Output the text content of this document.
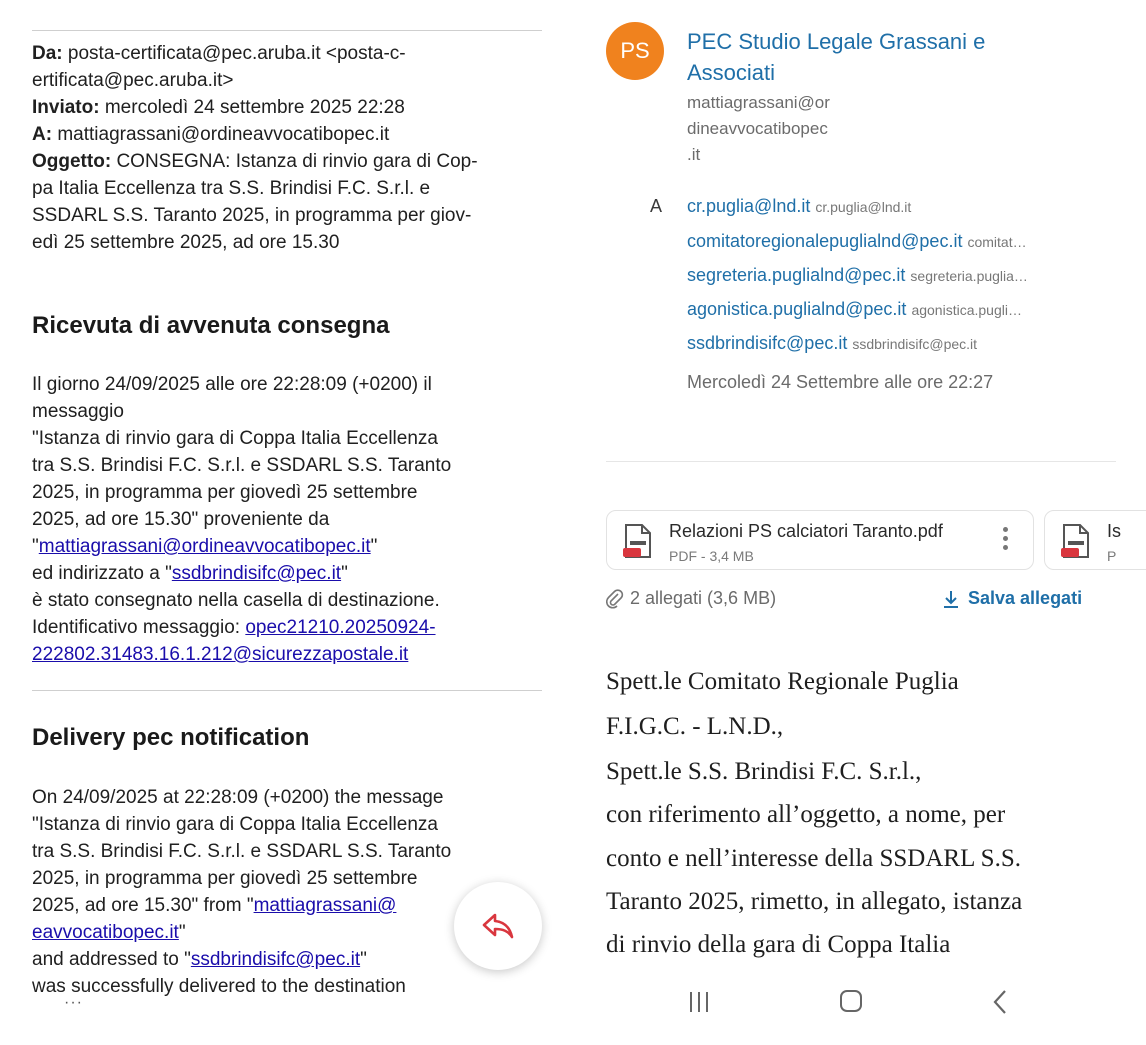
Da: posta-certificata@pec.aruba.it <posta-c-
ertificata@pec.aruba.it>
Inviato: mercoledì 24 settembre 2025 22:28
A: mattiagrassani@ordineavvocatibopec.it
Oggetto: CONSEGNA: Istanza di rinvio gara di Cop-
pa Italia Eccellenza tra S.S. Brindisi F.C. S.r.l. e
SSDARL S.S. Taranto 2025, in programma per giov-
edì 25 settembre 2025, ad ore 15.30
Ricevuta di avvenuta consegna
Il giorno 24/09/2025 alle ore 22:28:09 (+0200) il
messaggio
"Istanza di rinvio gara di Coppa Italia Eccellenza
tra S.S. Brindisi F.C. S.r.l. e SSDARL S.S. Taranto
2025, in programma per giovedì 25 settembre
2025, ad ore 15.30" proveniente da
"mattiagrassani@ordineavvocatibopec.it"
ed indirizzato a "ssdbrindisifc@pec.it"
è stato consegnato nella casella di destinazione.
Identificativo messaggio: opec21210.20250924-
222802.31483.16.1.212@sicurezzapostale.it
Delivery pec notification
On 24/09/2025 at 22:28:09 (+0200) the message
"Istanza di rinvio gara di Coppa Italia Eccellenza
tra S.S. Brindisi F.C. S.r.l. e SSDARL S.S. Taranto
2025, in programma per giovedì 25 settembre
2025, ad ore 15.30" from "mattiagrassani@
eavvocatibopec.it"
and addressed to "ssdbrindisifc@pec.it"
was successfully delivered to the destination
···
PS	PEC Studio Legale Grassani e
Associati
mattiagrassani@or
dineavvocatibopec
.it
A cr.puglia@lnd.it cr.puglia@lnd.it
comitatoregionalepuglialnd@pec.it comitat…
segreteria.puglialnd@pec.it segreteria.puglia…
agonistica.puglialnd@pec.it agonistica.pugli…
ssdbrindisifc@pec.it ssdbrindisifc@pec.it
Mercoledì 24 Settembre alle ore 22:27
Relazioni PS calciatori Taranto.pdf
PDF - 3,4 MB
Is
P
2 allegati (3,6 MB)	Salva allegati
Spett.le Comitato Regionale Puglia
F.I.G.C. - L.N.D.,
Spett.le S.S. Brindisi F.C. S.r.l.,
con riferimento all’oggetto, a nome, per
conto e nell’interesse della SSDARL S.S.
Taranto 2025, rimetto, in allegato, istanza
di rinvio della gara di Coppa Italia
